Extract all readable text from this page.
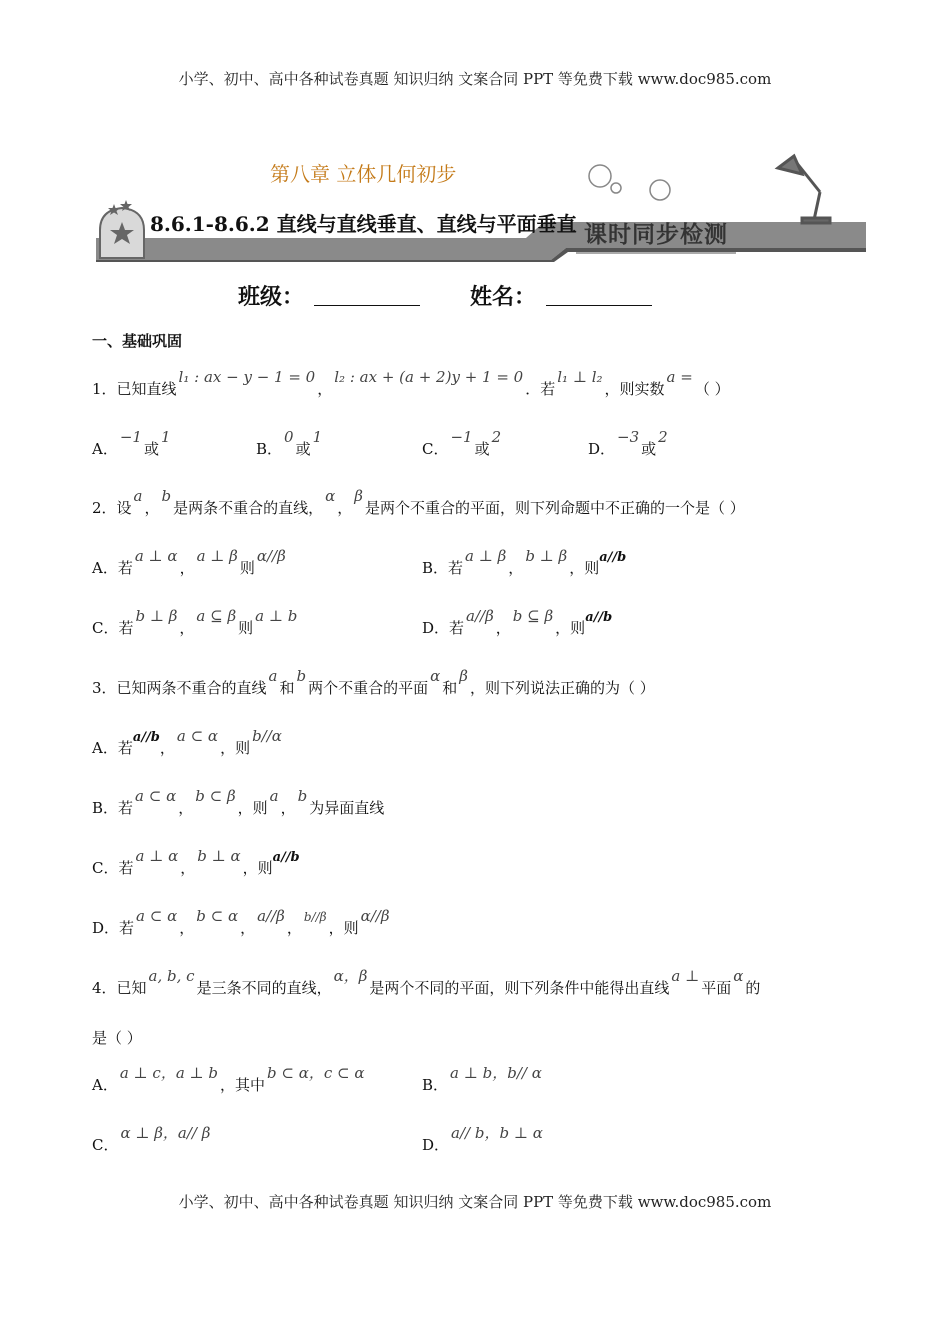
小学、初中、高中各种试卷真题 知识归纳 文案合同 PPT 等免费下载 www.doc985.com
第八章 立体几何初步
8.6.1-8.6.2 直线与直线垂直、直线与平面垂直 课时同步检测
班级：	姓名：
一、基础巩固
1．已知直线l₁ : ax − y − 1 = 0，l₂ : ax + (a + 2)y + 1 = 0．若l₁ ⊥ l₂，则实数a =（ ）
A．−1或1
B．0或1
C．−1或2
D．−3或2
2．设a，b是两条不重合的直线，α，β是两个不重合的平面，则下列命题中不正确的一个是（ ）
A．若a ⊥ α，a ⊥ β则α//β
B．若a ⊥ β，b ⊥ β，则a//b
C．若b ⊥ β，a ⊆ β则a ⊥ b
D．若a//β，b ⊆ β，则a//b
3．已知两条不重合的直线a和b两个不重合的平面α和β，则下列说法正确的为（ ）
A．若a//b，a ⊂ α，则b//α
B．若a ⊂ α，b ⊂ β，则a，b为异面直线
C．若a ⊥ α，b ⊥ α，则a//b
D．若a ⊂ α，b ⊂ α，a//β，$^{b//\beta}$，则α//β
4．已知a, b, c是三条不同的直线，α，β是两个不同的平面，则下列条件中能得出直线a ⊥平面α的
是（ ）
A．a ⊥ c，a ⊥ b，其中b ⊂ α，c ⊂ α
B．a ⊥ b，b// α
C．α ⊥ β，a// β
D．a// b，b ⊥ α
小学、初中、高中各种试卷真题 知识归纳 文案合同 PPT 等免费下载 www.doc985.com
